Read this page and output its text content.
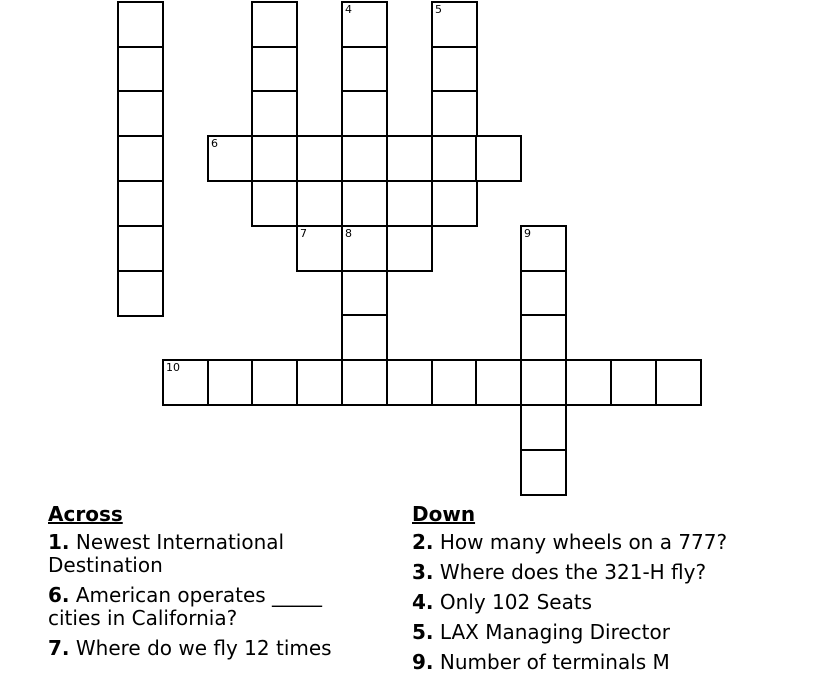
4	5
6
7	8	9
10
Across
1. Newest International Destination
6. American operates _____ cities in California?
7. Where do we fly 12 times
Down
2. How many wheels on a 777?
3. Where does the 321-H fly?
4. Only 102 Seats
5. LAX Managing Director
9. Number of terminals M
